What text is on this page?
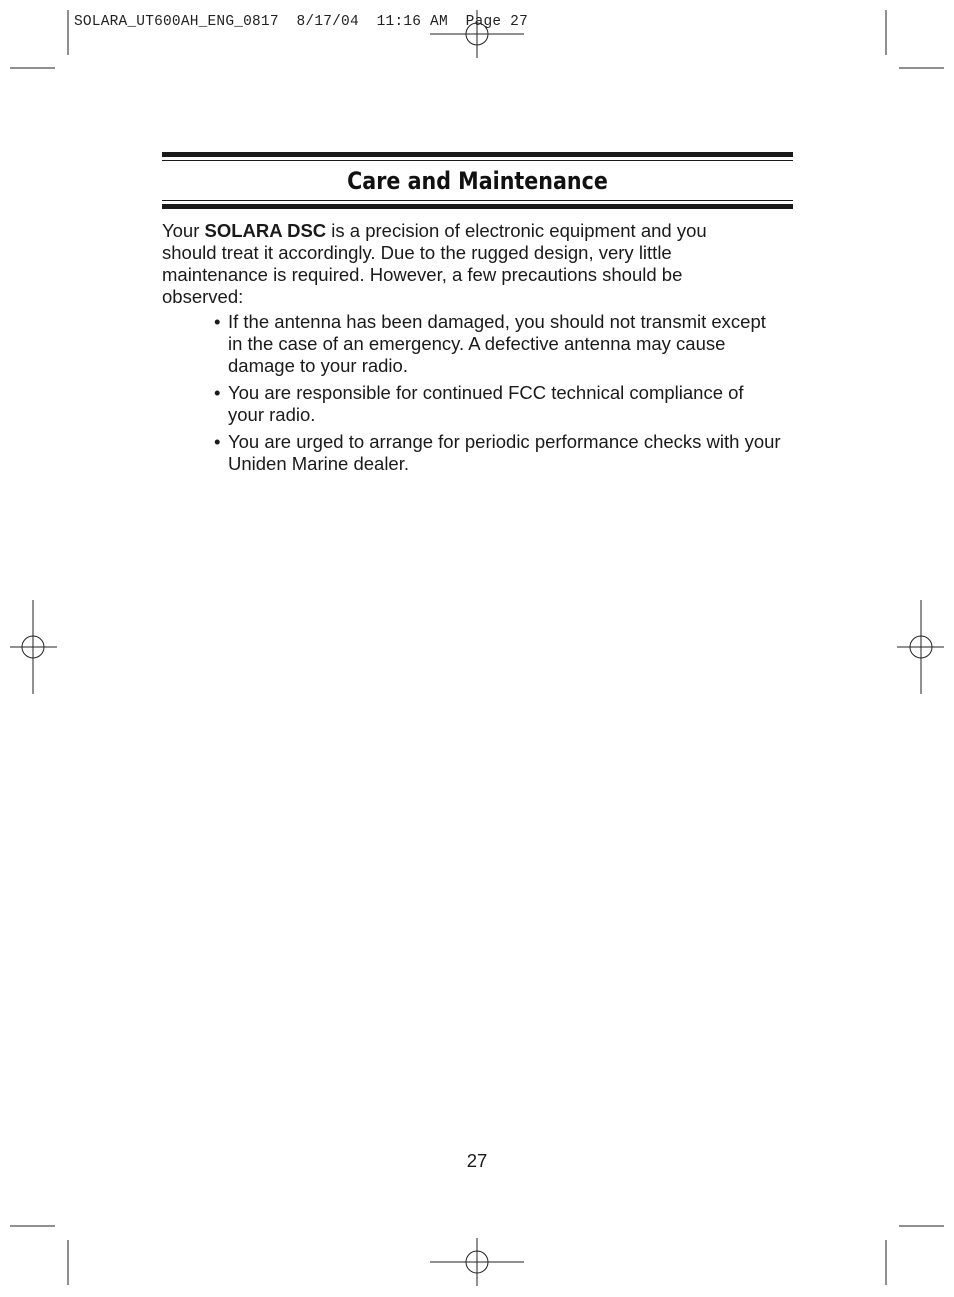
SOLARA_UT600AH_ENG_0817  8/17/04  11:16 AM  Page 27
Care and Maintenance

Your SOLARA DSC is a precision of electronic equipment and you should treat it accordingly. Due to the rugged design, very little maintenance is required. However, a few precautions should be observed:

• If the antenna has been damaged, you should not transmit except in the case of an emergency. A defective antenna may cause damage to your radio.
• You are responsible for continued FCC technical compliance of your radio.
• You are urged to arrange for periodic performance checks with your Uniden Marine dealer.
27
